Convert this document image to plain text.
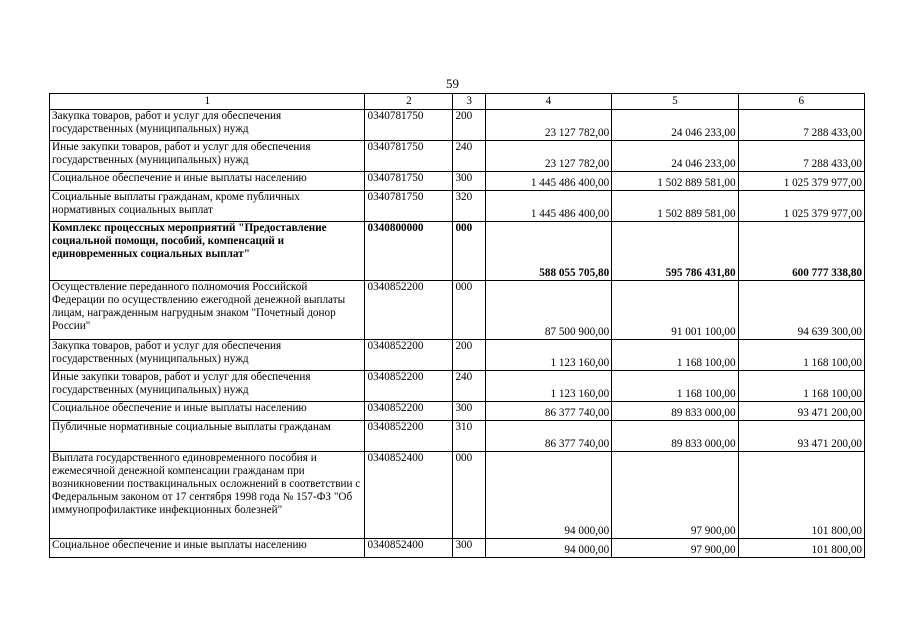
59
1	2	3	4	5	6
Закупка товаров, работ и услуг для обеспечения государственных (муниципальных) нужд	0340781750	200	23 127 782,00	24 046 233,00	7 288 433,00
Иные закупки товаров, работ и услуг для обеспечения государственных (муниципальных) нужд	0340781750	240	23 127 782,00	24 046 233,00	7 288 433,00
Социальное обеспечение и иные выплаты населению	0340781750	300	1 445 486 400,00	1 502 889 581,00	1 025 379 977,00
Социальные выплаты гражданам, кроме публичных нормативных социальных выплат	0340781750	320	1 445 486 400,00	1 502 889 581,00	1 025 379 977,00
Комплекс процессных мероприятий "Предоставление социальной помощи, пособий, компенсаций и единовременных социальных выплат"	0340800000	000	588 055 705,80	595 786 431,80	600 777 338,80
Осуществление переданного полномочия Российской Федерации по осуществлению ежегодной денежной выплаты лицам, награжденным нагрудным знаком "Почетный донор России"	0340852200	000	87 500 900,00	91 001 100,00	94 639 300,00
Закупка товаров, работ и услуг для обеспечения государственных (муниципальных) нужд	0340852200	200	1 123 160,00	1 168 100,00	1 168 100,00
Иные закупки товаров, работ и услуг для обеспечения государственных (муниципальных) нужд	0340852200	240	1 123 160,00	1 168 100,00	1 168 100,00
Социальное обеспечение и иные выплаты населению	0340852200	300	86 377 740,00	89 833 000,00	93 471 200,00
Публичные нормативные социальные выплаты гражданам	0340852200	310	86 377 740,00	89 833 000,00	93 471 200,00
Выплата государственного единовременного пособия и ежемесячной денежной компенсации гражданам при возникновении поствакцинальных осложнений в соответствии с Федеральным законом от 17 сентября 1998 года № 157-ФЗ "Об иммунопрофилактике инфекционных болезней"	0340852400	000	94 000,00	97 900,00	101 800,00
Социальное обеспечение и иные выплаты населению	0340852400	300	94 000,00	97 900,00	101 800,00
